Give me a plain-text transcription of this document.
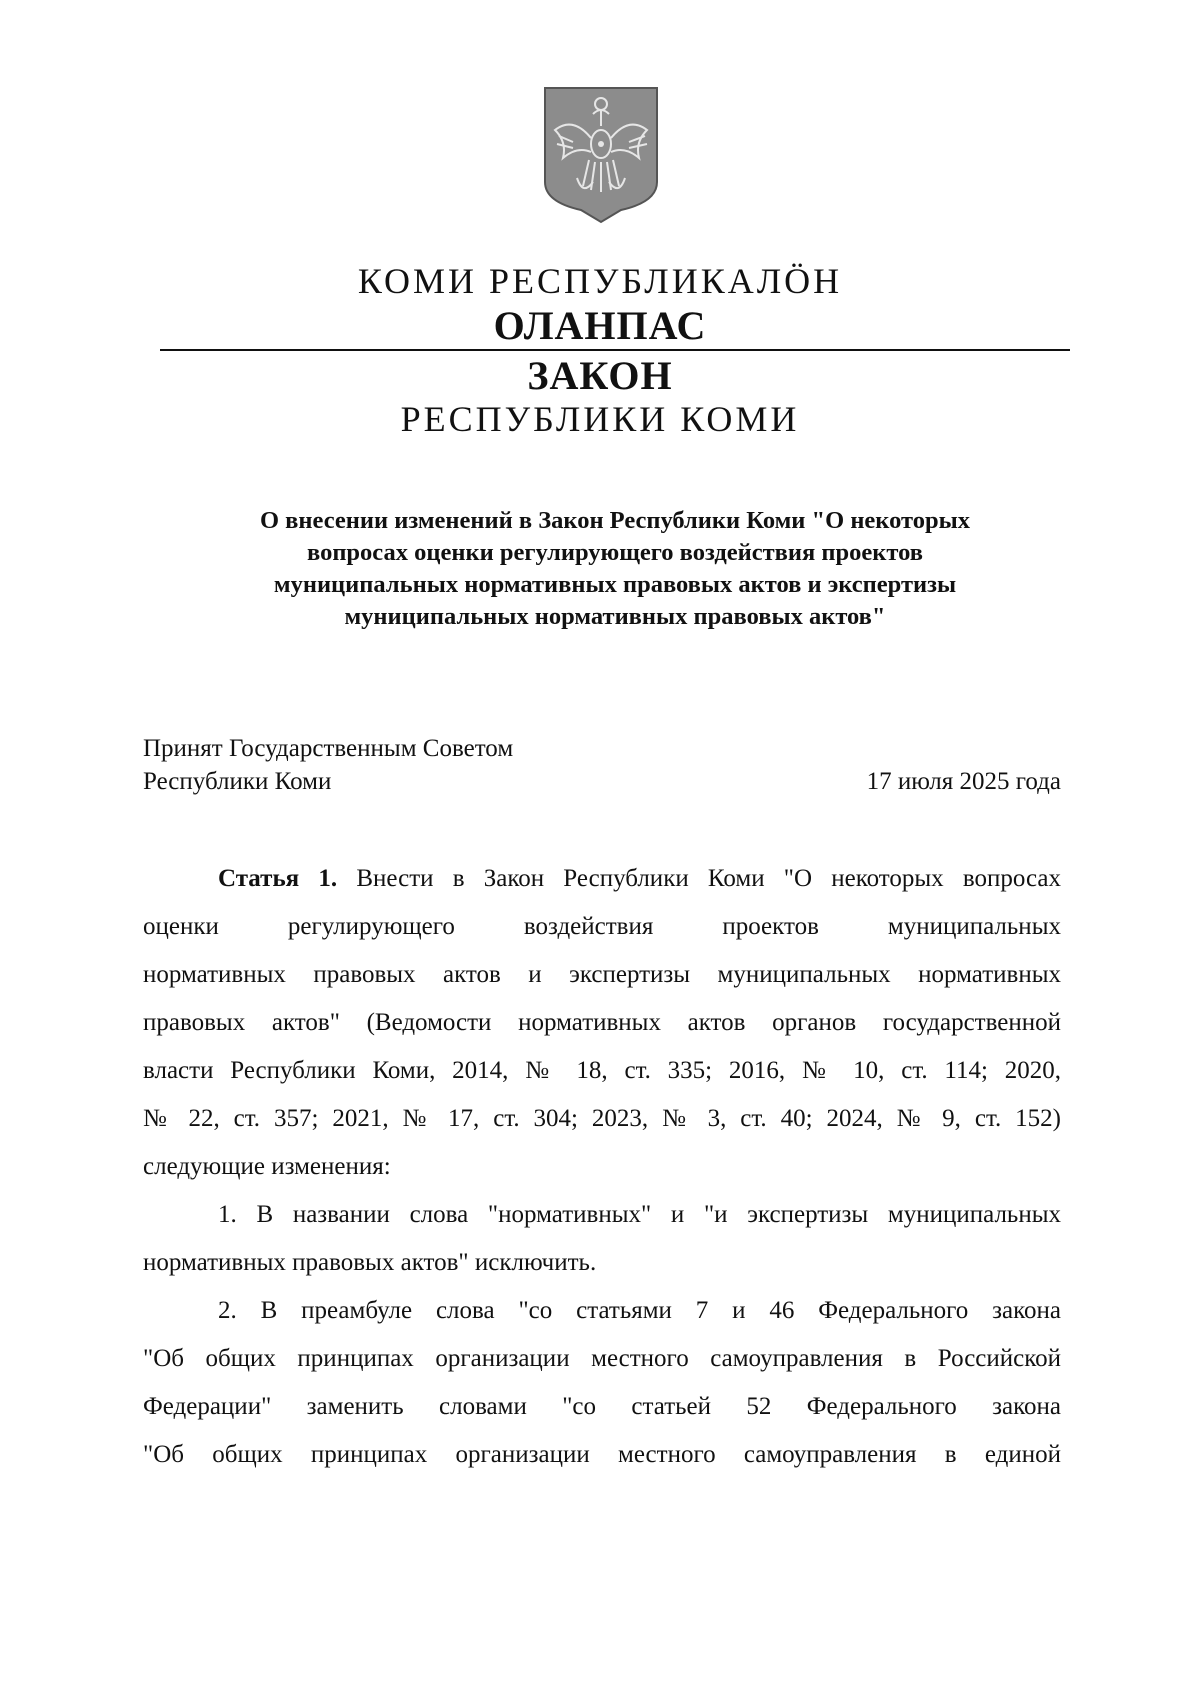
КОМИ РЕСПУБЛИКАЛӦН
ОЛАНПАС
ЗАКОН
РЕСПУБЛИКИ КОМИ
О внесении изменений в Закон Республики Коми "О некоторых
вопросах оценки регулирующего воздействия проектов
муниципальных нормативных правовых актов и экспертизы
муниципальных нормативных правовых актов"
Принят Государственным Советом
Республики Коми	17 июля 2025 года
Статья 1. Внести в Закон Республики Коми "О некоторых вопросах
оценки регулирующего воздействия проектов муниципальных
нормативных правовых актов и экспертизы муниципальных нормативных
правовых актов" (Ведомости нормативных актов органов государственной
власти Республики Коми, 2014, № 18, ст. 335; 2016, № 10, ст. 114; 2020,
№ 22, ст. 357; 2021, № 17, ст. 304; 2023, № 3, ст. 40; 2024, № 9, ст. 152)
следующие изменения:
1. В названии слова "нормативных" и "и экспертизы муниципальных
нормативных правовых актов" исключить.
2. В преамбуле слова "со статьями 7 и 46 Федерального закона
"Об общих принципах организации местного самоуправления в Российской
Федерации" заменить словами "со статьей 52 Федерального закона
"Об общих принципах организации местного самоуправления в единой
